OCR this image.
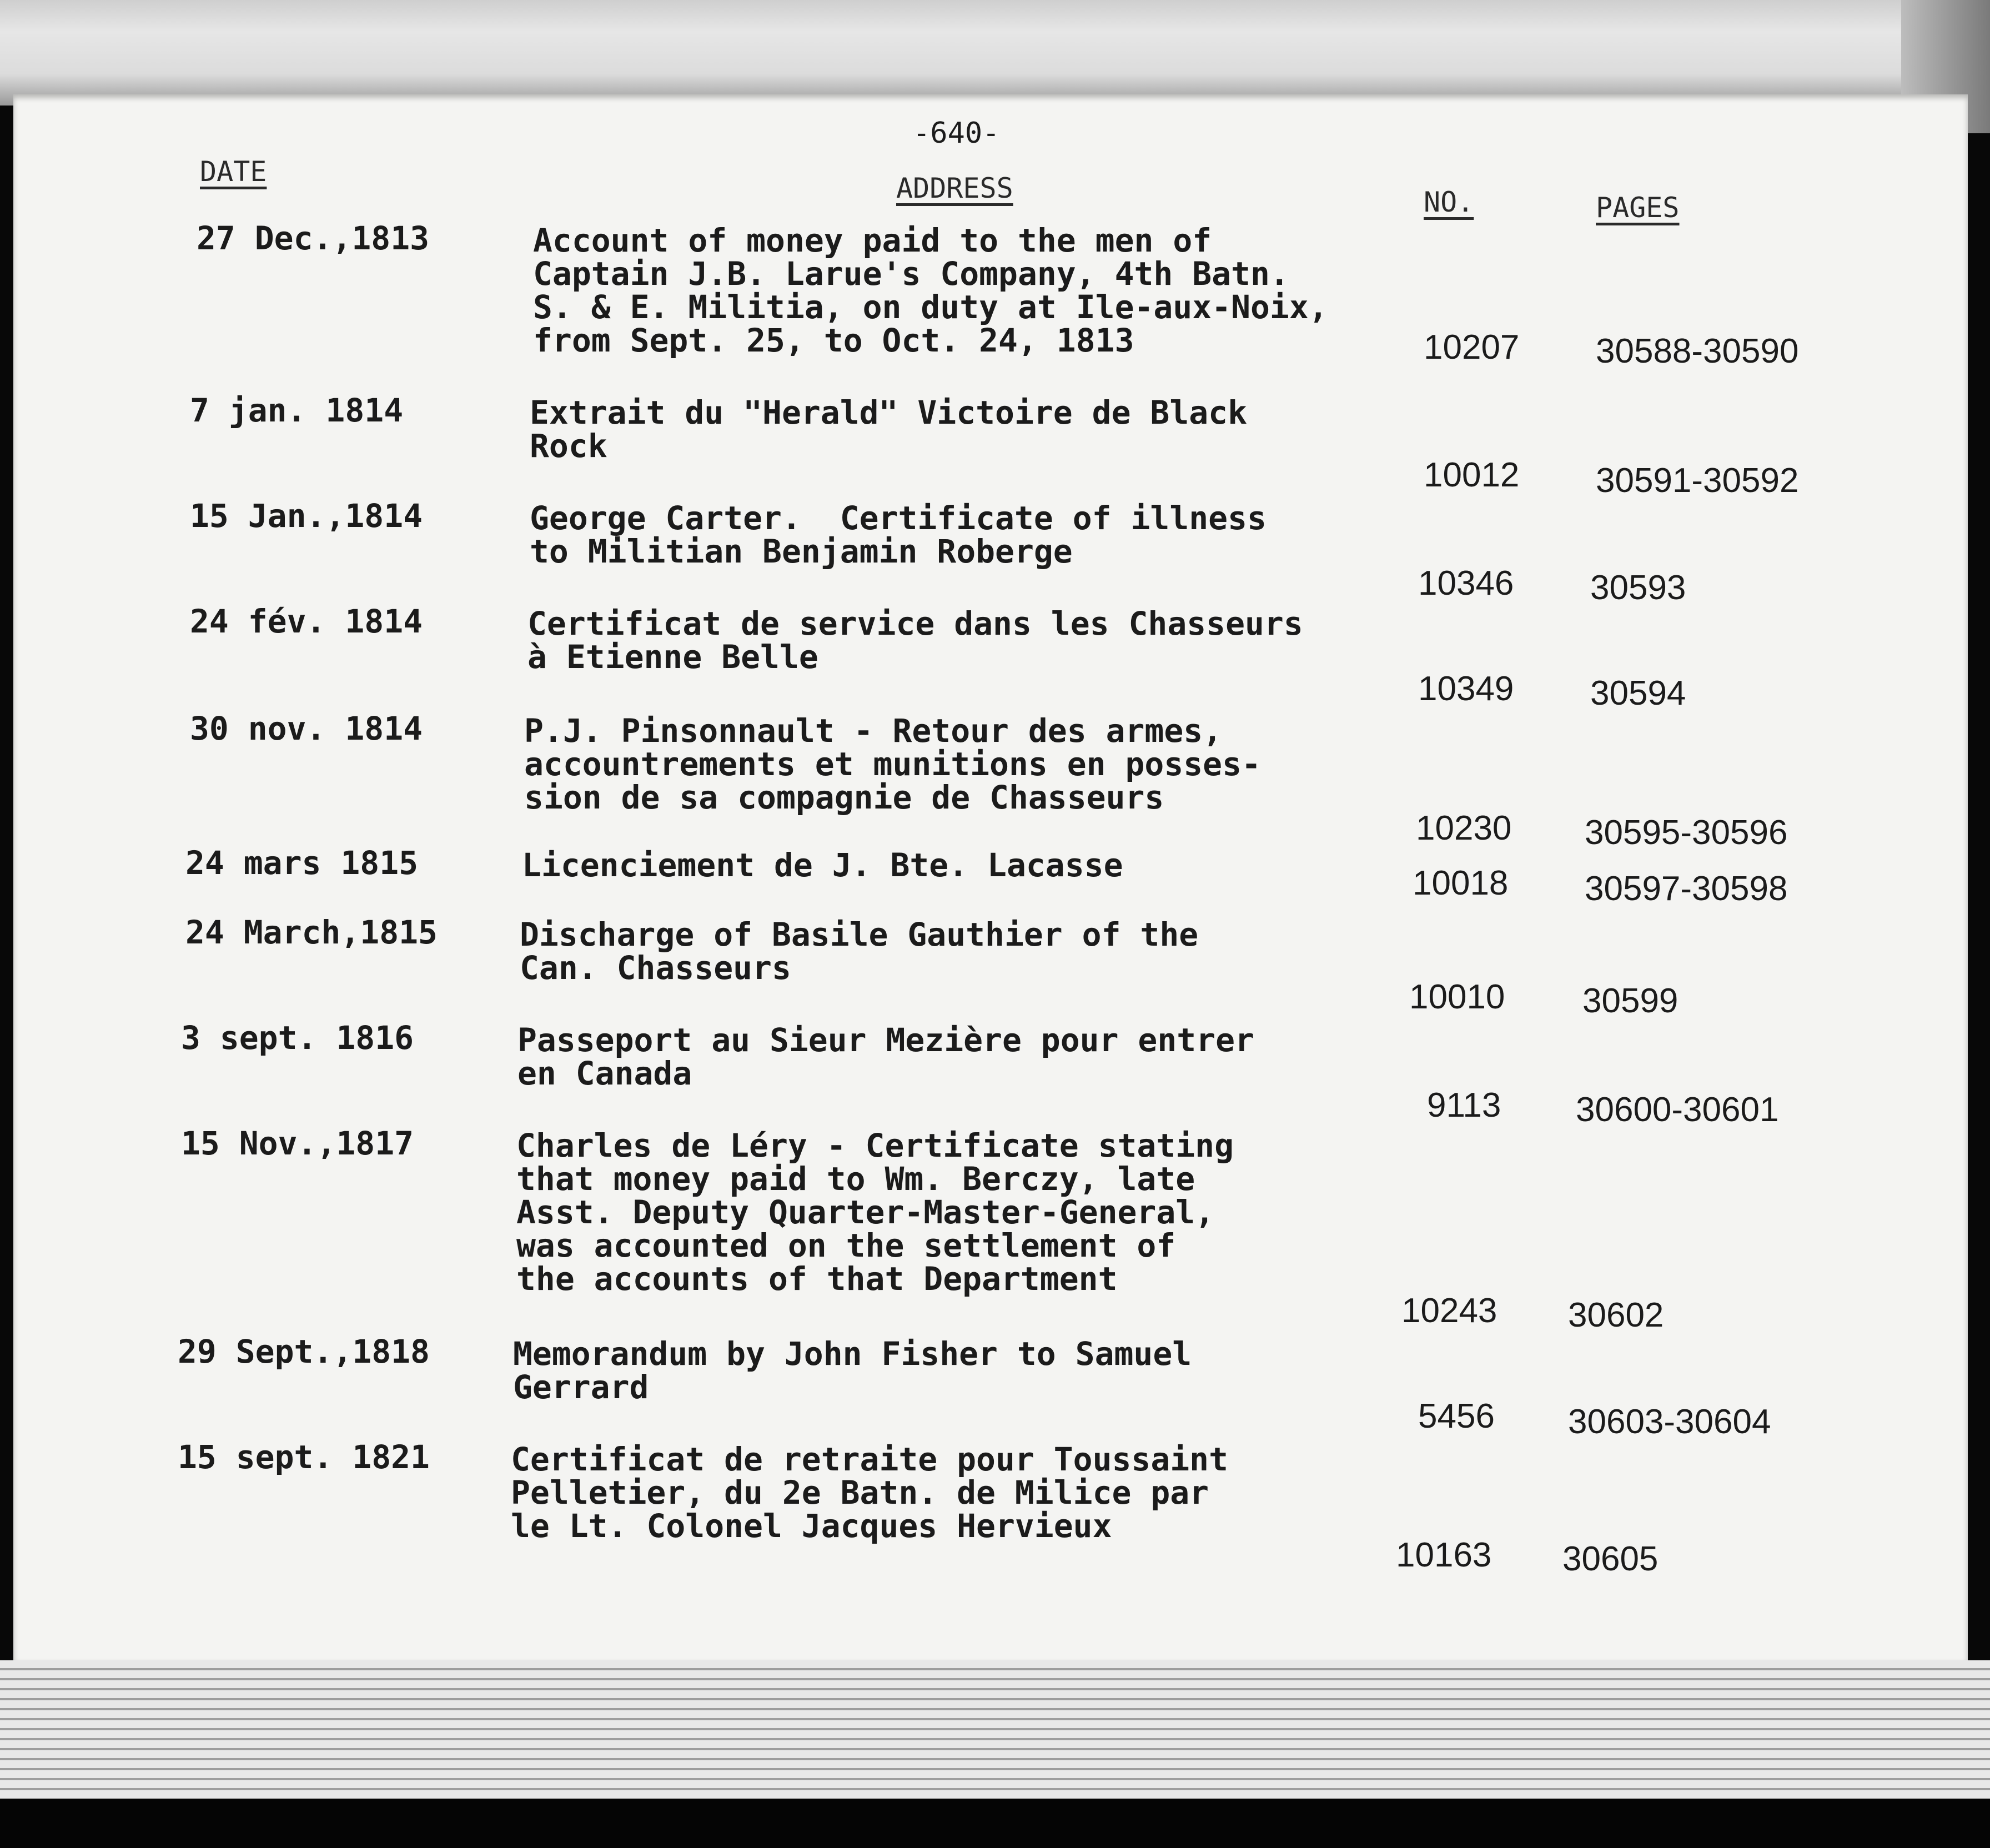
-640-
DATE
ADDRESS	NO.	PAGES
27 Dec.,1813	Account of money paid to the men of
Captain J.B. Larue's Company, 4th Batn.
S. & E. Militia, on duty at Ile-aux-Noix,
from Sept. 25, to Oct. 24, 1813	10207 30588-30590
7 jan. 1814	Extrait du "Herald" Victoire de Black
Rock
10012 30591-30592
15 Jan.,1814	George Carter.  Certificate of illness
to Militian Benjamin Roberge
10346 30593
24 fév. 1814	Certificat de service dans les Chasseurs
à Etienne Belle
10349 30594
30 nov. 1814	P.J. Pinsonnault - Retour des armes,
accountrements et munitions en posses-
sion de sa compagnie de Chasseurs
10230 30595-30596
24 mars 1815	Licenciement de J. Bte. Lacasse	10018 30597-30598
24 March,1815	Discharge of Basile Gauthier of the
Can. Chasseurs
10010 30599
3 sept. 1816	Passeport au Sieur Mezière pour entrer
en Canada
9113 30600-30601
15 Nov.,1817	Charles de Léry - Certificate stating
that money paid to Wm. Berczy, late
Asst. Deputy Quarter-Master-General,
was accounted on the settlement of
the accounts of that Department
10243 30602
29 Sept.,1818	Memorandum by John Fisher to Samuel
Gerrard
5456 30603-30604
15 sept. 1821	Certificat de retraite pour Toussaint
Pelletier, du 2e Batn. de Milice par
le Lt. Colonel Jacques Hervieux
10163 30605
